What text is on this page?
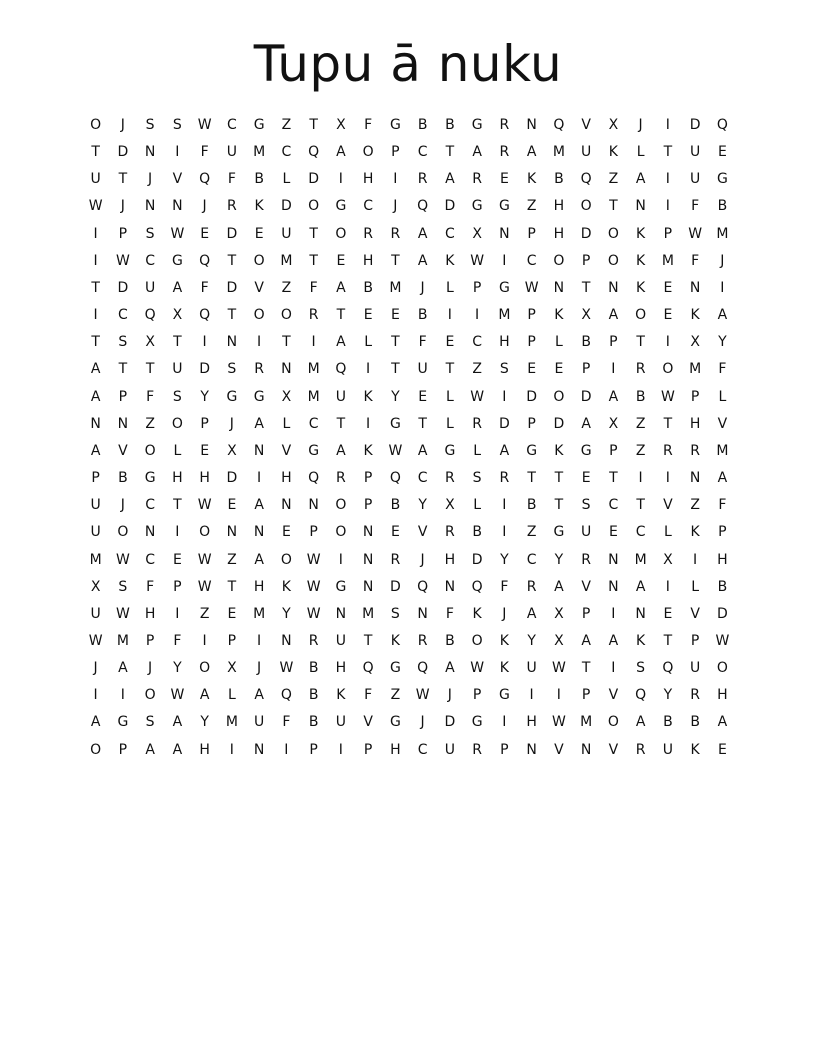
Tupu ā nuku
O	J	S	S	W	C	G	Z	T	X	F	G	B	B	G	R	N	Q	V	X	J	I	D	Q
T	D	N	I	F	U	M	C	Q	A	O	P	C	T	A	R	A	M	U	K	L	T	U	E
U	T	J	V	Q	F	B	L	D	I	H	I	R	A	R	E	K	B	Q	Z	A	I	U	G
W	J	N	N	J	R	K	D	O	G	C	J	Q	D	G	G	Z	H	O	T	N	I	F	B
I	P	S	W	E	D	E	U	T	O	R	R	A	C	X	N	P	H	D	O	K	P	W	M
I	W	C	G	Q	T	O	M	T	E	H	T	A	K	W	I	C	O	P	O	K	M	F	J
T	D	U	A	F	D	V	Z	F	A	B	M	J	L	P	G	W	N	T	N	K	E	N	I
I	C	Q	X	Q	T	O	O	R	T	E	E	B	I	I	M	P	K	X	A	O	E	K	A
T	S	X	T	I	N	I	T	I	A	L	T	F	E	C	H	P	L	B	P	T	I	X	Y
A	T	T	U	D	S	R	N	M	Q	I	T	U	T	Z	S	E	E	P	I	R	O	M	F
A	P	F	S	Y	G	G	X	M	U	K	Y	E	L	W	I	D	O	D	A	B	W	P	L
N	N	Z	O	P	J	A	L	C	T	I	G	T	L	R	D	P	D	A	X	Z	T	H	V
A	V	O	L	E	X	N	V	G	A	K	W	A	G	L	A	G	K	G	P	Z	R	R	M
P	B	G	H	H	D	I	H	Q	R	P	Q	C	R	S	R	T	T	E	T	I	I	N	A
U	J	C	T	W	E	A	N	N	O	P	B	Y	X	L	I	B	T	S	C	T	V	Z	F
U	O	N	I	O	N	N	E	P	O	N	E	V	R	B	I	Z	G	U	E	C	L	K	P
M	W	C	E	W	Z	A	O	W	I	N	R	J	H	D	Y	C	Y	R	N	M	X	I	H
X	S	F	P	W	T	H	K	W	G	N	D	Q	N	Q	F	R	A	V	N	A	I	L	B
U	W	H	I	Z	E	M	Y	W	N	M	S	N	F	K	J	A	X	P	I	N	E	V	D
W	M	P	F	I	P	I	N	R	U	T	K	R	B	O	K	Y	X	A	A	K	T	P	W
J	A	J	Y	O	X	J	W	B	H	Q	G	Q	A	W	K	U	W	T	I	S	Q	U	O
I	I	O	W	A	L	A	Q	B	K	F	Z	W	J	P	G	I	I	P	V	Q	Y	R	H
A	G	S	A	Y	M	U	F	B	U	V	G	J	D	G	I	H	W	M	O	A	B	B	A
O	P	A	A	H	I	N	I	P	I	P	H	C	U	R	P	N	V	N	V	R	U	K	E
